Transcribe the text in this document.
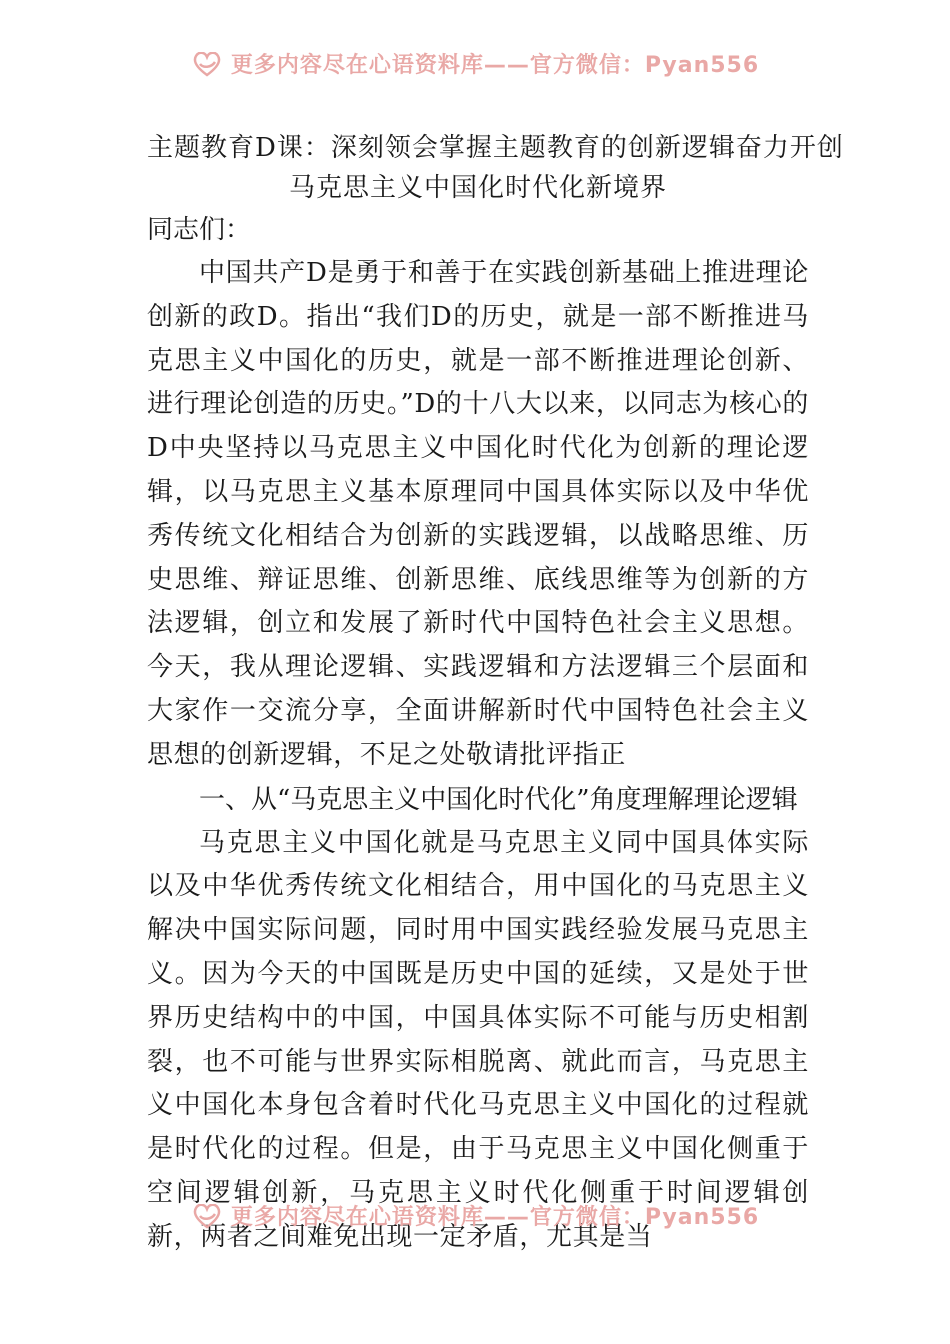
更多内容尽在心语资料库——官方微信：Pyan556
主题教育D课：深刻领会掌握主题教育的创新逻辑奋力开创
马克思主义中国化时代化新境界

同志们：

中国共产D是勇于和善于在实践创新基础上推进理论创新的政D。指出“我们D的历史，就是一部不断推进马克思主义中国化的历史，就是一部不断推进理论创新、进行理论创造的历史。”D的十八大以来，以同志为核心的D中央坚持以马克思主义中国化时代化为创新的理论逻辑，以马克思主义基本原理同中国具体实际以及中华优秀传统文化相结合为创新的实践逻辑，以战略思维、历史思维、辩证思维、创新思维、底线思维等为创新的方法逻辑，创立和发展了新时代中国特色社会主义思想。今天，我从理论逻辑、实践逻辑和方法逻辑三个层面和大家作一交流分享，全面讲解新时代中国特色社会主义思想的创新逻辑，不足之处敬请批评指正

一、从“马克思主义中国化时代化”角度理解理论逻辑

马克思主义中国化就是马克思主义同中国具体实际以及中华优秀传统文化相结合，用中国化的马克思主义解决中国实际问题，同时用中国实践经验发展马克思主义。因为今天的中国既是历史中国的延续，又是处于世界历史结构中的中国，中国具体实际不可能与历史相割裂，也不可能与世界实际相脱离、就此而言，马克思主义中国化本身包含着时代化马克思主义中国化的过程就是时代化的过程。但是，由于马克思主义中国化侧重于空间逻辑创新，马克思主义时代化侧重于时间逻辑创新，两者之间难免出现一定矛盾，尤其是当

更多内容尽在心语资料库——官方微信：Pyan556
